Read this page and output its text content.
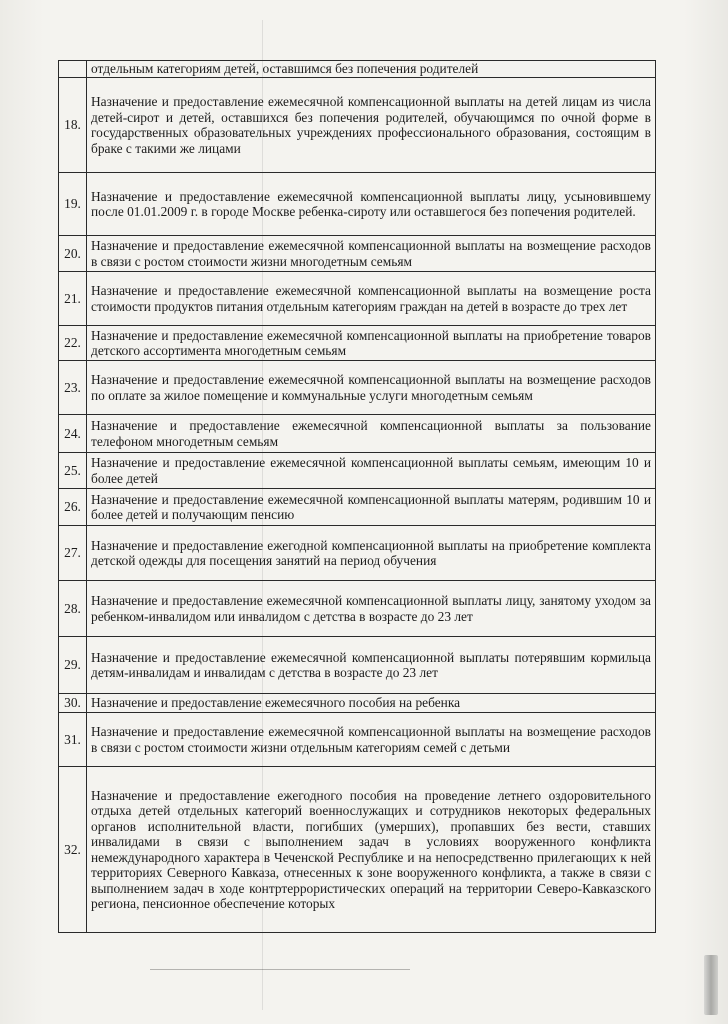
	отдельным категориям детей, оставшимся без попечения родителей
18.	Назначение и предоставление ежемесячной компенсационной выплаты на детей лицам из числа детей-сирот и детей, оставшихся без попечения родителей, обучающимся по очной форме в государственных образовательных учреждениях профессионального образования, состоящим в браке с такими же лицами
19.	Назначение и предоставление ежемесячной компенсационной выплаты лицу, усыновившему после 01.01.2009 г. в городе Москве ребенка-сироту или оставшегося без попечения родителей.
20.	Назначение и предоставление ежемесячной компенсационной выплаты на возмещение расходов в связи с ростом стоимости жизни многодетным семьям
21.	Назначение и предоставление ежемесячной компенсационной выплаты на возмещение роста стоимости продуктов питания отдельным категориям граждан на детей в возрасте до трех лет
22.	Назначение и предоставление ежемесячной компенсационной выплаты на приобретение товаров детского ассортимента многодетным семьям
23.	Назначение и предоставление ежемесячной компенсационной выплаты на возмещение расходов по оплате за жилое помещение и коммунальные услуги многодетным семьям
24.	Назначение и предоставление ежемесячной компенсационной выплаты за пользование телефоном многодетным семьям
25.	Назначение и предоставление ежемесячной компенсационной выплаты семьям, имеющим 10 и более детей
26.	Назначение и предоставление ежемесячной компенсационной выплаты матерям, родившим 10 и более детей и получающим пенсию
27.	Назначение и предоставление ежегодной компенсационной выплаты на приобретение комплекта детской одежды для посещения занятий на период обучения
28.	Назначение и предоставление ежемесячной компенсационной выплаты лицу, занятому уходом за ребенком-инвалидом или инвалидом с детства в возрасте до 23 лет
29.	Назначение и предоставление ежемесячной компенсационной выплаты потерявшим кормильца детям-инвалидам и инвалидам с детства в возрасте до 23 лет
30.	Назначение и предоставление ежемесячного пособия на ребенка
31.	Назначение и предоставление ежемесячной компенсационной выплаты на возмещение расходов в связи с ростом стоимости жизни отдельным категориям семей с детьми
32.	Назначение и предоставление ежегодного пособия на проведение летнего оздоровительного отдыха детей отдельных категорий военнослужащих и сотрудников некоторых федеральных органов исполнительной власти, погибших (умерших), пропавших без вести, ставших инвалидами в связи с выполнением задач в условиях вооруженного конфликта немеждународного характера в Чеченской Республике и на непосредственно прилегающих к ней территориях Северного Кавказа, отнесенных к зоне вооруженного конфликта, а также в связи с выполнением задач в ходе контртеррористических операций на территории Северо-Кавказского региона, пенсионное обеспечение которых
